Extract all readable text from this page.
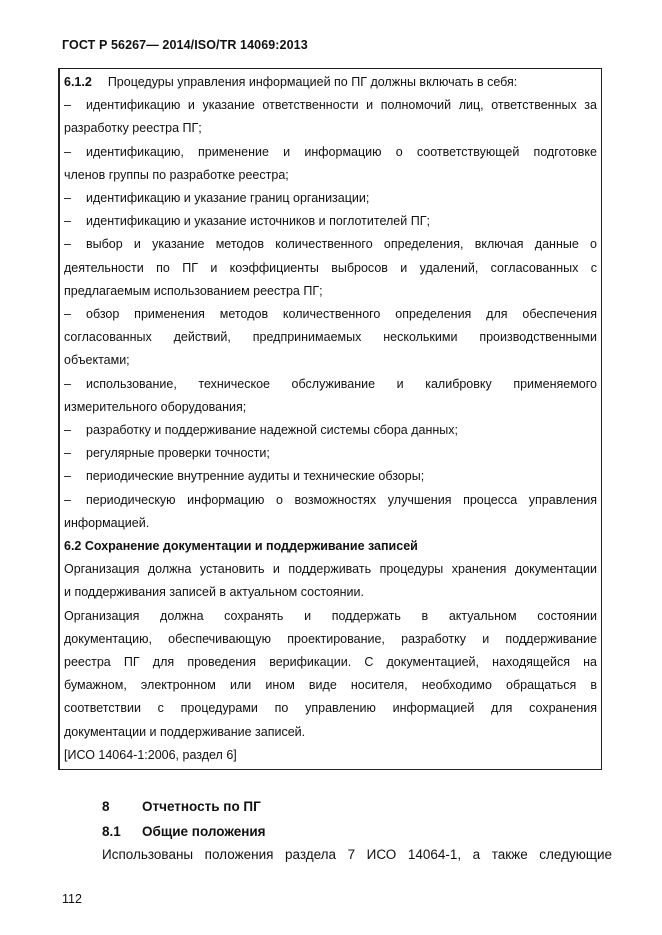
ГОСТ Р 56267— 2014/ISO/TR 14069:2013

6.1.2 Процедуры управления информацией по ПГ должны включать в себя:

– идентификацию и указание ответственности и полномочий лиц, ответственных за

разработку реестра ПГ;

– идентификацию, применение и информацию о соответствующей подготовке

членов группы по разработке реестра;

– идентификацию и указание границ организации;

– идентификацию и указание источников и поглотителей ПГ;

– выбор и указание методов количественного определения, включая данные о

деятельности по ПГ и коэффициенты выбросов и удалений, согласованных с

предлагаемым использованием реестра ПГ;

– обзор применения методов количественного определения для обеспечения

согласованных действий, предпринимаемых несколькими производственными

объектами;

– использование, техническое обслуживание и калибровку применяемого

измерительного оборудования;

– разработку и поддерживание надежной системы сбора данных;

– регулярные проверки точности;

– периодические внутренние аудиты и технические обзоры;

– периодическую информацию о возможностях улучшения процесса управления

информацией.

6.2 Сохранение документации и поддерживание записей

Организация должна установить и поддерживать процедуры хранения документации

и поддерживания записей в актуальном состоянии.

Организация должна сохранять и поддержать в актуальном состоянии

документацию, обеспечивающую проектирование, разработку и поддерживание

реестра ПГ для проведения верификации. С документацией, находящейся на

бумажном, электронном или ином виде носителя, необходимо обращаться в

соответствии с процедурами по управлению информацией для сохранения

документации и поддерживание записей.

[ИСО 14064-1:2006, раздел 6]

8 Отчетность по ПГ
8.1 Общие положения
Использованы положения раздела 7 ИСО 14064-1, а также следующие
112
